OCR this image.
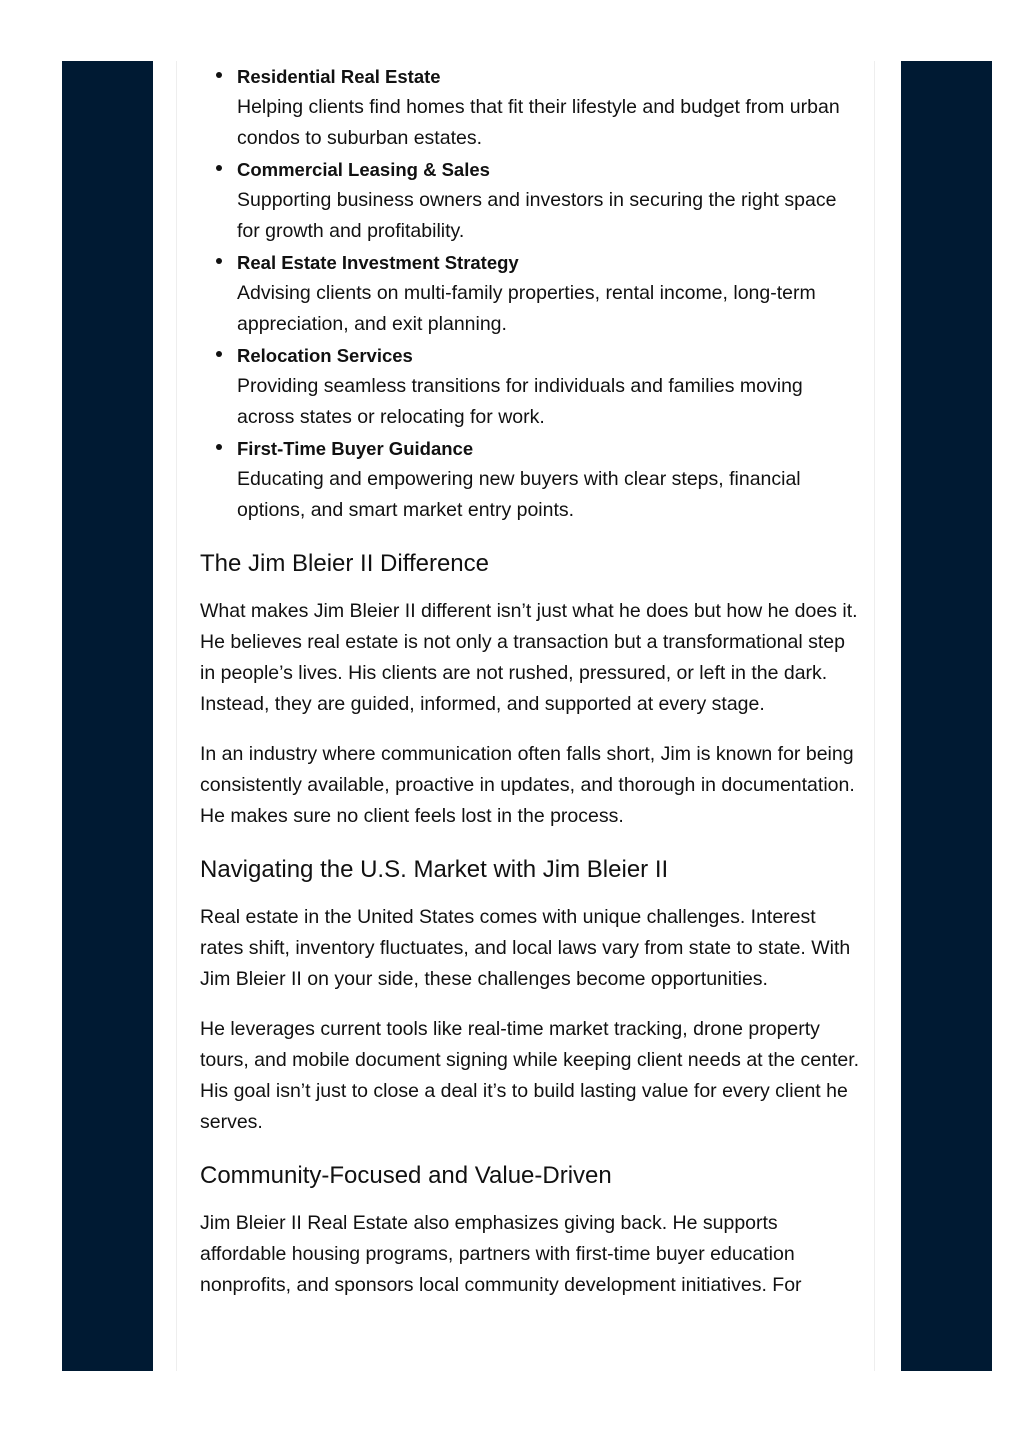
Residential Real Estate
Helping clients find homes that fit their lifestyle and budget from urban condos to suburban estates.
Commercial Leasing & Sales
Supporting business owners and investors in securing the right space for growth and profitability.
Real Estate Investment Strategy
Advising clients on multi-family properties, rental income, long-term appreciation, and exit planning.
Relocation Services
Providing seamless transitions for individuals and families moving across states or relocating for work.
First-Time Buyer Guidance
Educating and empowering new buyers with clear steps, financial options, and smart market entry points.
The Jim Bleier II Difference

What makes Jim Bleier II different isn’t just what he does but how he does it. He believes real estate is not only a transaction but a transformational step in people’s lives. His clients are not rushed, pressured, or left in the dark. Instead, they are guided, informed, and supported at every stage.

In an industry where communication often falls short, Jim is known for being consistently available, proactive in updates, and thorough in documentation. He makes sure no client feels lost in the process.

Navigating the U.S. Market with Jim Bleier II

Real estate in the United States comes with unique challenges. Interest rates shift, inventory fluctuates, and local laws vary from state to state. With Jim Bleier II on your side, these challenges become opportunities.

He leverages current tools like real-time market tracking, drone property tours, and mobile document signing while keeping client needs at the center. His goal isn’t just to close a deal it’s to build lasting value for every client he serves.

Community-Focused and Value-Driven

Jim Bleier II Real Estate also emphasizes giving back. He supports affordable housing programs, partners with first-time buyer education nonprofits, and sponsors local community development initiatives. For
